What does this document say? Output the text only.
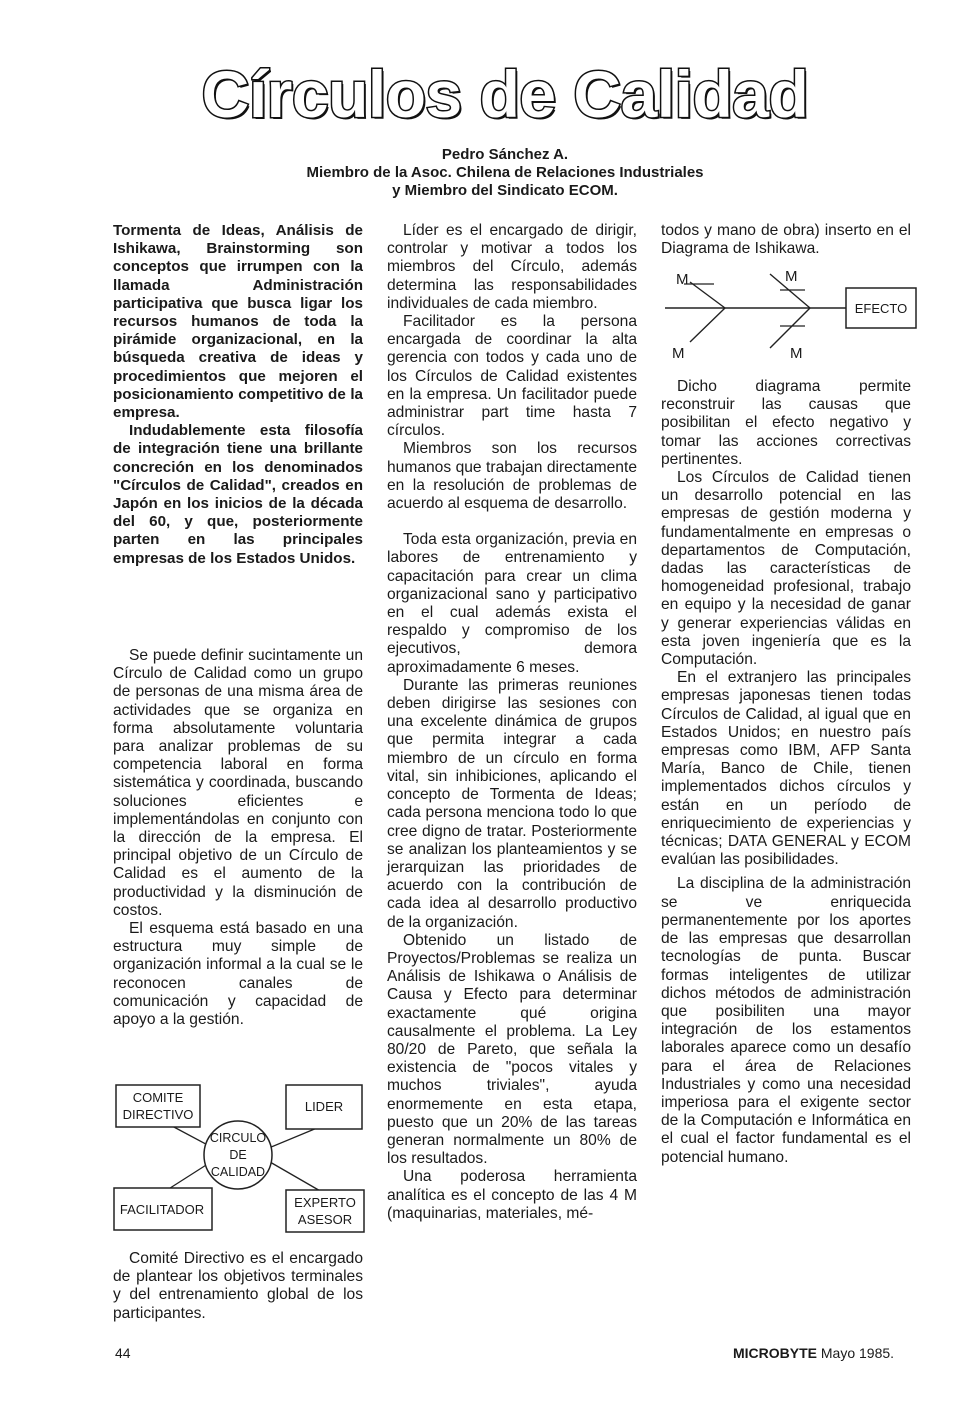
Círculos de Calidad
Pedro Sánchez A.
Miembro de la Asoc. Chilena de Relaciones Industriales
y Miembro del Sindicato ECOM.

Tormenta de Ideas, Análisis de Ishikawa, Brainstorming son conceptos que irrumpen con la llamada Administración participativa que busca ligar los recursos humanos de toda la pirámide organizacional, en la búsqueda creativa de ideas y procedimientos que mejoren el posicionamiento competitivo de la empresa.

Indudablemente esta filosofía de integración tiene una brillante concreción en los denominados "Círculos de Calidad", creados en Japón en los inicios de la década del 60, y que, posteriormente parten en las principales empresas de los Estados Unidos.

Se puede definir sucintamente un Círculo de Calidad como un grupo de personas de una misma área de actividades que se organiza en forma absolutamente voluntaria para analizar problemas de su competencia laboral en forma sistemática y coordinada, buscando soluciones eficientes e implementándolas en conjunto con la dirección de la empresa. El principal objetivo de un Círculo de Calidad es el aumento de la productividad y la disminución de costos.

El esquema está basado en una estructura muy simple de organización informal a la cual se le reconocen canales de comunicación y capacidad de apoyo a la gestión.

COMITE
DIRECTIVO
LIDER
CIRCULO
DE
CALIDAD
FACILITADOR	EXPERTO
ASESOR

Comité Directivo es el encargado de plantear los objetivos terminales y del entrenamiento global de los participantes.

Líder es el encargado de dirigir, controlar y motivar a todos los miembros del Círculo, además determina las responsabilidades individuales de cada miembro.

Facilitador es la persona encargada de coordinar la alta gerencia con todos y cada uno de los Círculos de Calidad existentes en la empresa. Un facilitador puede administrar part time hasta 7 círculos.

Miembros son los recursos humanos que trabajan directamente en la resolución de problemas de acuerdo al esquema de desarrollo.

Toda esta organización, previa en labores de entrenamiento y capacitación para crear un clima organizacional sano y participativo en el cual además exista el respaldo y compromiso de los ejecutivos, demora aproximadamente 6 meses.

Durante las primeras reuniones deben dirigirse las sesiones con una excelente dinámica de grupos que permita integrar a cada miembro de un círculo en forma vital, sin inhibiciones, aplicando el concepto de Tormenta de Ideas; cada persona menciona todo lo que cree digno de tratar. Posteriormente se analizan los planteamientos y se jerarquizan las prioridades de acuerdo con la contribución de cada idea al desarrollo productivo de la organización.

Obtenido un listado de Proyectos/Problemas se realiza un Análisis de Ishikawa o Análisis de Causa y Efecto para determinar exactamente qué origina causalmente el problema. La Ley 80/20 de Pareto, que señala la existencia de "pocos vitales y muchos triviales", ayuda enormemente en esta etapa, puesto que un 20% de las tareas generan normalmente un 80% de los resultados.

Una poderosa herramienta analítica es el concepto de las 4 M (maquinarias, materiales, mé-

todos y mano de obra) inserto en el Diagrama de Ishikawa.

M	M
M	M
EFECTO

Dicho diagrama permite reconstruir las causas que posibilitan el efecto negativo y tomar las acciones correctivas pertinentes.

Los Círculos de Calidad tienen un desarrollo potencial en las empresas de gestión moderna y fundamentalmente en empresas o departamentos de Computación, dadas las características de homogeneidad profesional, trabajo en equipo y la necesidad de ganar y generar experiencias válidas en esta joven ingeniería que es la Computación.

En el extranjero las principales empresas japonesas tienen todas Círculos de Calidad, al igual que en Estados Unidos; en nuestro país empresas como IBM, AFP Santa María, Banco de Chile, tienen implementados dichos círculos y están en un período de enriquecimiento de experiencias y técnicas; DATA GENERAL y ECOM evalúan las posibilidades.

La disciplina de la administración se ve enriquecida permanentemente por los aportes de las empresas que desarrollan tecnologías de punta. Buscar formas inteligentes de utilizar dichos métodos de administración que posibiliten una mayor integración de los estamentos laborales aparece como un desafío para el área de Relaciones Industriales y como una necesidad imperiosa para el exigente sector de la Computación e Informática en el cual el factor fundamental es el potencial humano.

44	MICROBYTE Mayo 1985.
